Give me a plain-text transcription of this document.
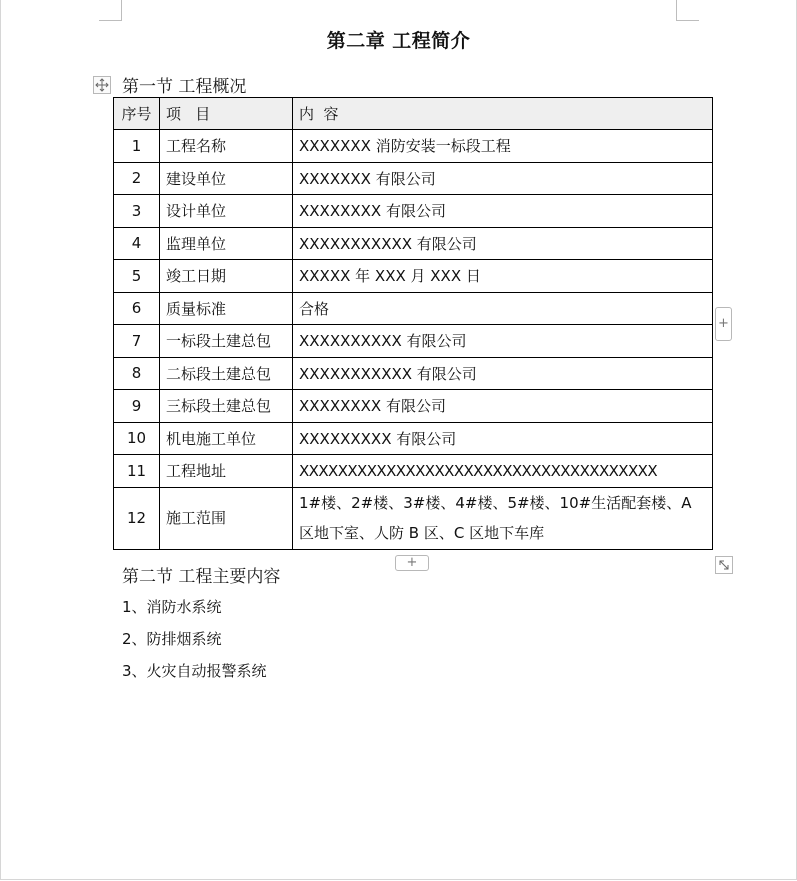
第二章 工程简介
第一节 工程概况
序号	项   目	内  容
1	工程名称	XXXXXXX 消防安装一标段工程
2	建设单位	XXXXXXX 有限公司
3	设计单位	XXXXXXXX 有限公司
4	监理单位	XXXXXXXXXXX 有限公司
5	竣工日期	XXXXX 年 XXX 月 XXX 日
6	质量标准	合格
7	一标段土建总包	XXXXXXXXXX 有限公司
8	二标段土建总包	XXXXXXXXXXX 有限公司
9	三标段土建总包	XXXXXXXX 有限公司
10	机电施工单位	XXXXXXXXX 有限公司
11	工程地址	XXXXXXXXXXXXXXXXXXXXXXXXXXXXXXXXXXXXX
12	施工范围	1#楼、2#楼、3#楼、4#楼、5#楼、10#生活配套楼、A 区地下室、人防 B 区、C 区地下车库
+
+
第二节 工程主要内容
1、消防水系统
2、防排烟系统
3、火灾自动报警系统
